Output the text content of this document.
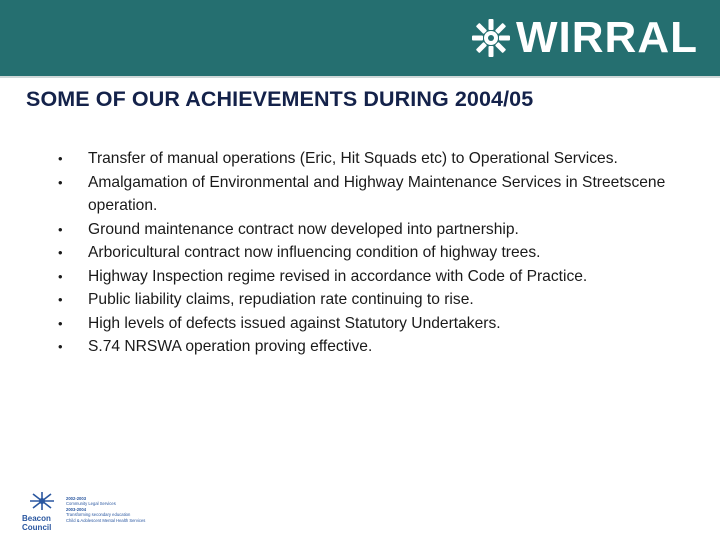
WIRRAL
SOME OF OUR ACHIEVEMENTS DURING 2004/05
• Transfer of manual operations (Eric, Hit Squads etc) to Operational Services.
• Amalgamation of Environmental and Highway Maintenance Services in Streetscene operation.
• Ground maintenance contract now developed into partnership.
• Arboricultural contract now influencing condition of highway trees.
• Highway Inspection regime revised in accordance with Code of Practice.
• Public liability claims, repudiation rate continuing to rise.
• High levels of defects issued against Statutory Undertakers.
• S.74 NRSWA operation proving effective.
Beacon
Council
2002-2003
Community Legal Services
2003-2004
Transforming secondary education
Child & Adolescent Mental Health Services
